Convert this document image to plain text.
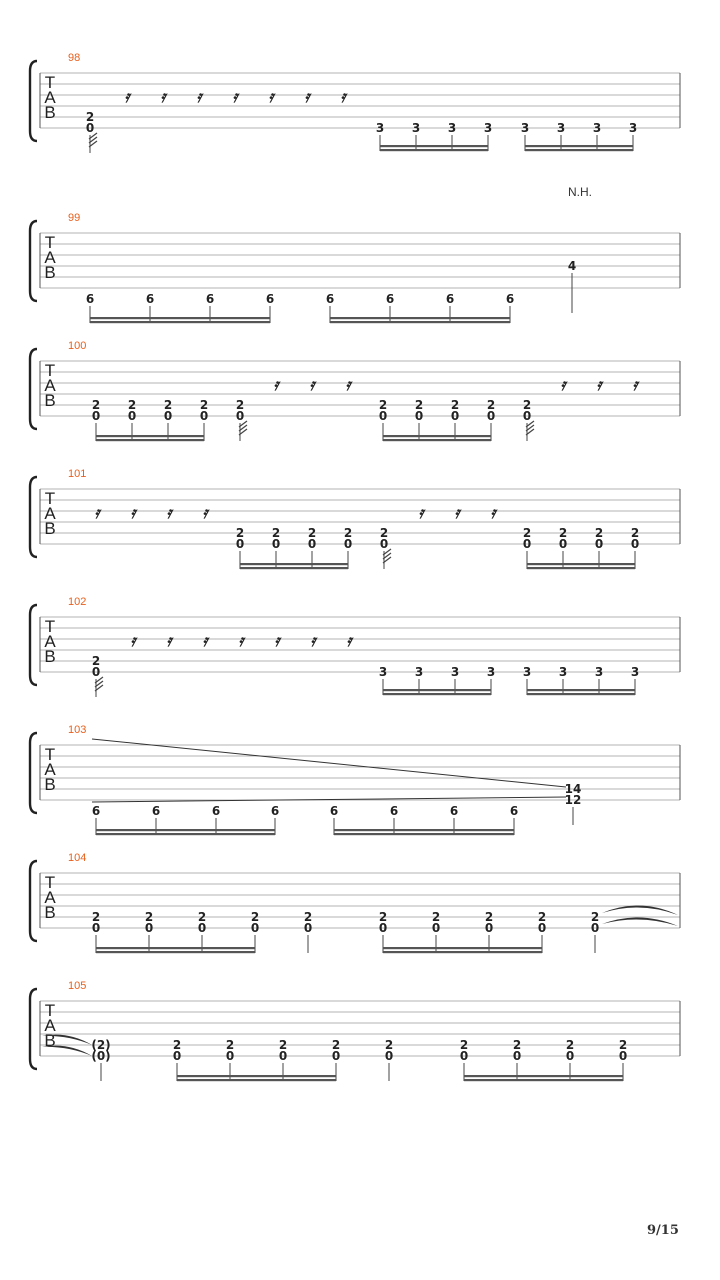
T
A
B
98
3 3 3 3 3 3 3 3
2
0
𝄿 𝄿 𝄿 𝄿 𝄿 𝄿 𝄿
T
A
B
99
6	6	6	6	6	6	6	6
4
N.H.
T
A
B
100
2
0
2
0
2
0
2
0
2
0
2
0
2
0
2
0
2
0
2
0
𝄿 𝄿 𝄿	𝄿 𝄿 𝄿
T
A
B
101
2
0
2
0
2
0
2
0
2
0
2
0
2
0
2
0
2
0
𝄿 𝄿 𝄿 𝄿	𝄿 𝄿 𝄿
T
A
B
102
3 3 3 3 3 3 3 3
2
0
𝄿 𝄿 𝄿 𝄿 𝄿 𝄿 𝄿
T
A
B
103
6	6	6	6	6	6	6	6
14
12
T
A
B
104
2
0
2
0
2
0
2
0
2
0
2
0
2
0
2
0
2
0
2
0
T
A
B
105
2
0
2
0
2
0
2
0
2
0
2
0
2
0
2
0
2
0
(2)
(0)
9/15
